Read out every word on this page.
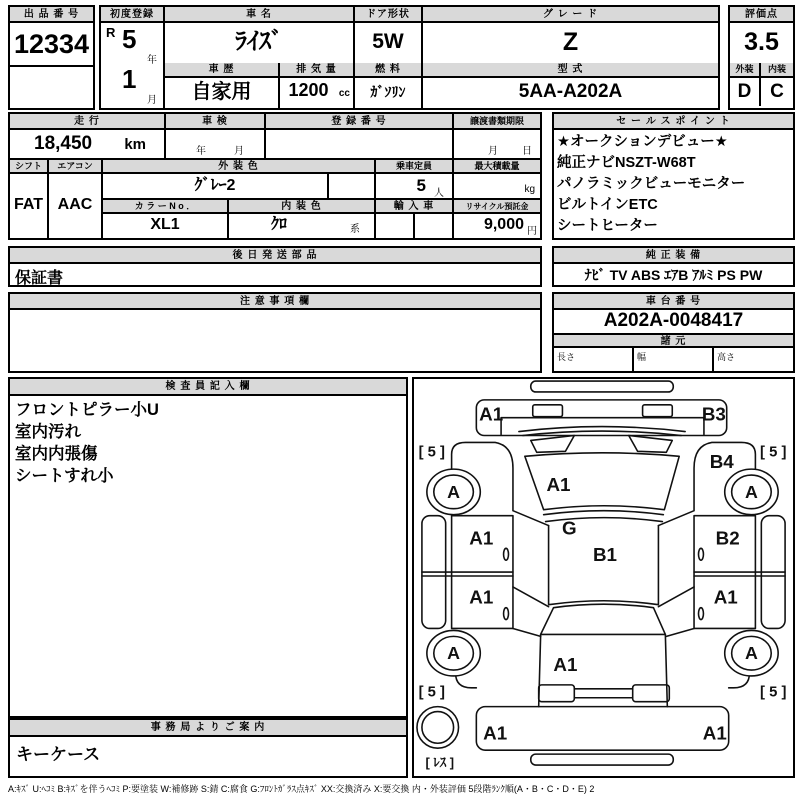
出 品 番 号
12334
初度登録
R 5
年
1
月
車 名
ﾗｲｽﾞ
車 歴
自家用
排 気 量
1200	cc
ドア形状
5W
燃 料
ｶﾞｿﾘﾝ
グ レ ー ド
Z
型 式
5AA-A202A
評価点
3.5
外装	内装
D C
走 行
18,450 km
車 検
年	月
登 録 番 号	譲渡書類期限
月 日
シフト
FAT
エアコン
AAC
外 装 色
ｸﾞﾚｰ2
カ ラ ー N o ．	内 装 色
XL1	ｸﾛ	系
乗車定員
5 人
輸 入 車
最大積載量
kg
リサイクル預託金
9,000 円
セ ー ル ス ポ イ ン ト
★オークションデビュー★
純正ナビNSZT-W68T
パノラミックビューモニター
ビルトインETC
シートヒーター
後 日 発 送 部 品
保証書
純 正 装 備
ﾅﾋﾞ TV ABS ｴｱB ｱﾙﾐ PS PW
注 意 事 項 欄	車 台 番 号
A202A-0048417
諸 元
長さ	幅	高さ
検 査 員 記 入 欄
フロントピラー小U
室内汚れ
室内内張傷
シートすれ小
事 務 局 よ り ご 案 内
キーケース
A1	B3
[ 5 ]	[ 5 ]
B4
A	A
A1
G
B1
A1	B2
A1	A1
A	A
A1
[ 5 ]	[ 5 ]
A1	A1
[ ﾚｽ ]
A:ｷｽﾞ U:ﾍｺﾐ B:ｷｽﾞを伴うﾍｺﾐ P:要塗装 W:補修跡 S:錆 C:腐食 G:ﾌﾛﾝﾄｶﾞﾗｽ点ｷｽﾞ XX:交換済み X:要交換 内・外装評価 5段階ﾗﾝｸ順(A・B・C・D・E) 2
